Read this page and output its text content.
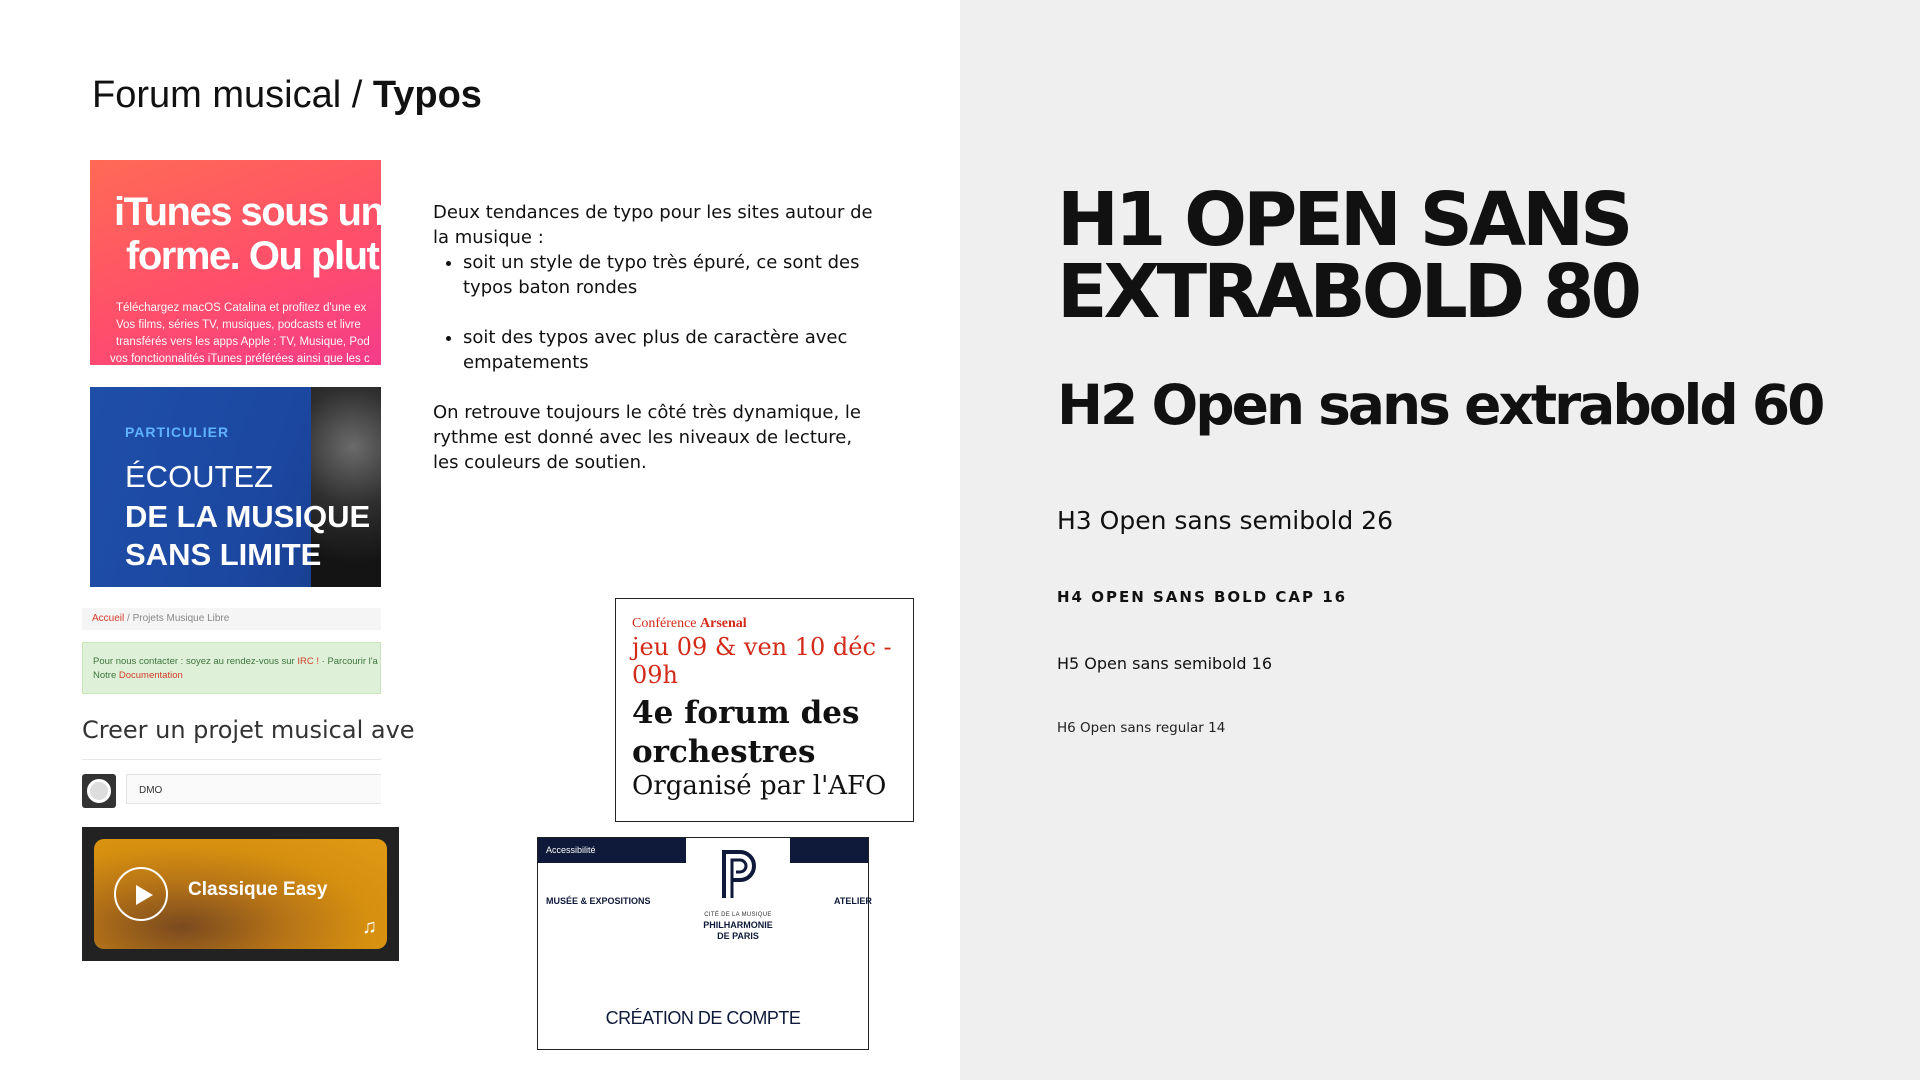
Forum musical / Typos
iTunes sous un
forme. Ou plut
Téléchargez macOS Catalina et profitez d'une ex
Vos films, séries TV, musiques, podcasts et livre
transférés vers les apps Apple : TV, Musique, Pod
vos fonctionnalités iTunes préférées ainsi que les c
PARTICULIER
ÉCOUTEZ
DE LA MUSIQUE
SANS LIMITE
Accueil / Projets Musique Libre
Pour nous contacter : soyez au rendez-vous sur IRC ! · Parcourir l'a
Notre Documentation
Creer un projet musical ave
DMO
Classique Easy
♫

Deux tendances de typo pour les sites autour de la musique :

• soit un style de typo très épuré, ce sont des typos baton rondes
• soit des typos avec plus de caractère avec empatements

On retrouve toujours le côté très dynamique, le rythme est donné avec les niveaux de lecture, les couleurs de soutien.

Conférence Arsenal
jeu 09 & ven 10 déc - 09h
4e forum des orchestres
Organisé par l'AFO
Accessibilité
CITÉ DE LA MUSIQUE
PHILHARMONIE
DE PARIS
MUSÉE & EXPOSITIONS	ATELIER
CRÉATION DE COMPTE
H1 OPEN SANS EXTRABOLD 80
H2 Open sans extrabold 60
H3 Open sans semibold 26
H4 OPEN SANS BOLD CAP 16
H5 Open sans semibold 16
H6 Open sans regular 14
